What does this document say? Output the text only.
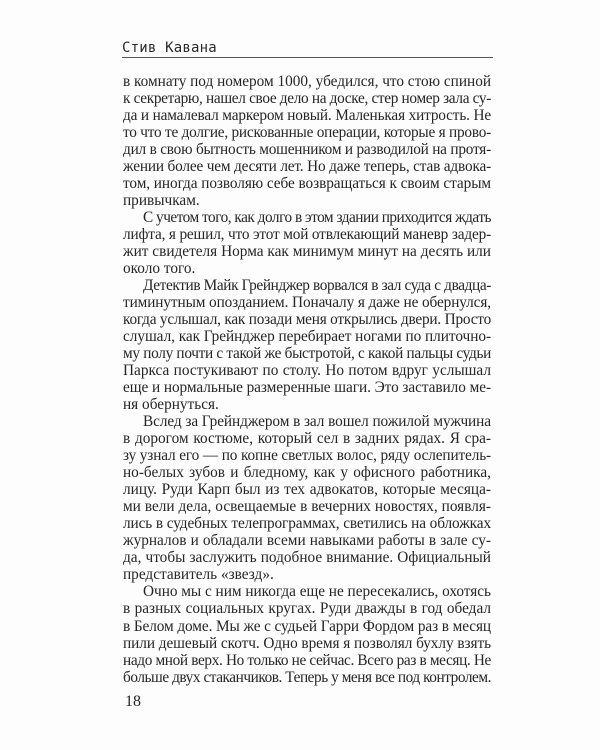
Стив Кавана
в комнату под номером 1000, убедился, что стою спиной
к секретарю, нашел свое дело на доске, стер номер зала су-
да и намалевал маркером новый. Маленькая хитрость. Не
то что те долгие, рискованные операции, которые я прово-
дил в свою бытность мошенником и разводилой на протя-
жении более чем десяти лет. Но даже теперь, став адвока-
том, иногда позволяю себе возвращаться к своим старым
привычкам.
С учетом того, как долго в этом здании приходится ждать
лифта, я решил, что этот мой отвлекающий маневр задер-
жит свидетеля Норма как минимум минут на десять или
около того.
Детектив Майк Грейнджер ворвался в зал суда с двадца-
тиминутным опозданием. Поначалу я даже не обернулся,
когда услышал, как позади меня открылись двери. Просто
слушал, как Грейнджер перебирает ногами по плиточно-
му полу почти с такой же быстротой, с какой пальцы судьи
Паркса постукивают по столу. Но потом вдруг услышал
еще и нормальные размеренные шаги. Это заставило ме-
ня обернуться.
Вслед за Грейнджером в зал вошел пожилой мужчина
в дорогом костюме, который сел в задних рядах. Я сра-
зу узнал его — по копне светлых волос, ряду ослепитель-
но-белых зубов и бледному, как у офисного работника,
лицу. Руди Карп был из тех адвокатов, которые месяца-
ми вели дела, освещаемые в вечерних новостях, появля-
лись в судебных телепрограммах, светились на обложках
журналов и обладали всеми навыками работы в зале су-
да, чтобы заслужить подобное внимание. Официальный
представитель «звезд».
Очно мы с ним никогда еще не пересекались, охотясь
в разных социальных кругах. Руди дважды в год обедал
в Белом доме. Мы же с судьей Гарри Фордом раз в месяц
пили дешевый скотч. Одно время я позволял бухлу взять
надо мной верх. Но только не сейчас. Всего раз в месяц. Не
больше двух стаканчиков. Теперь у меня все под контролем.
18
